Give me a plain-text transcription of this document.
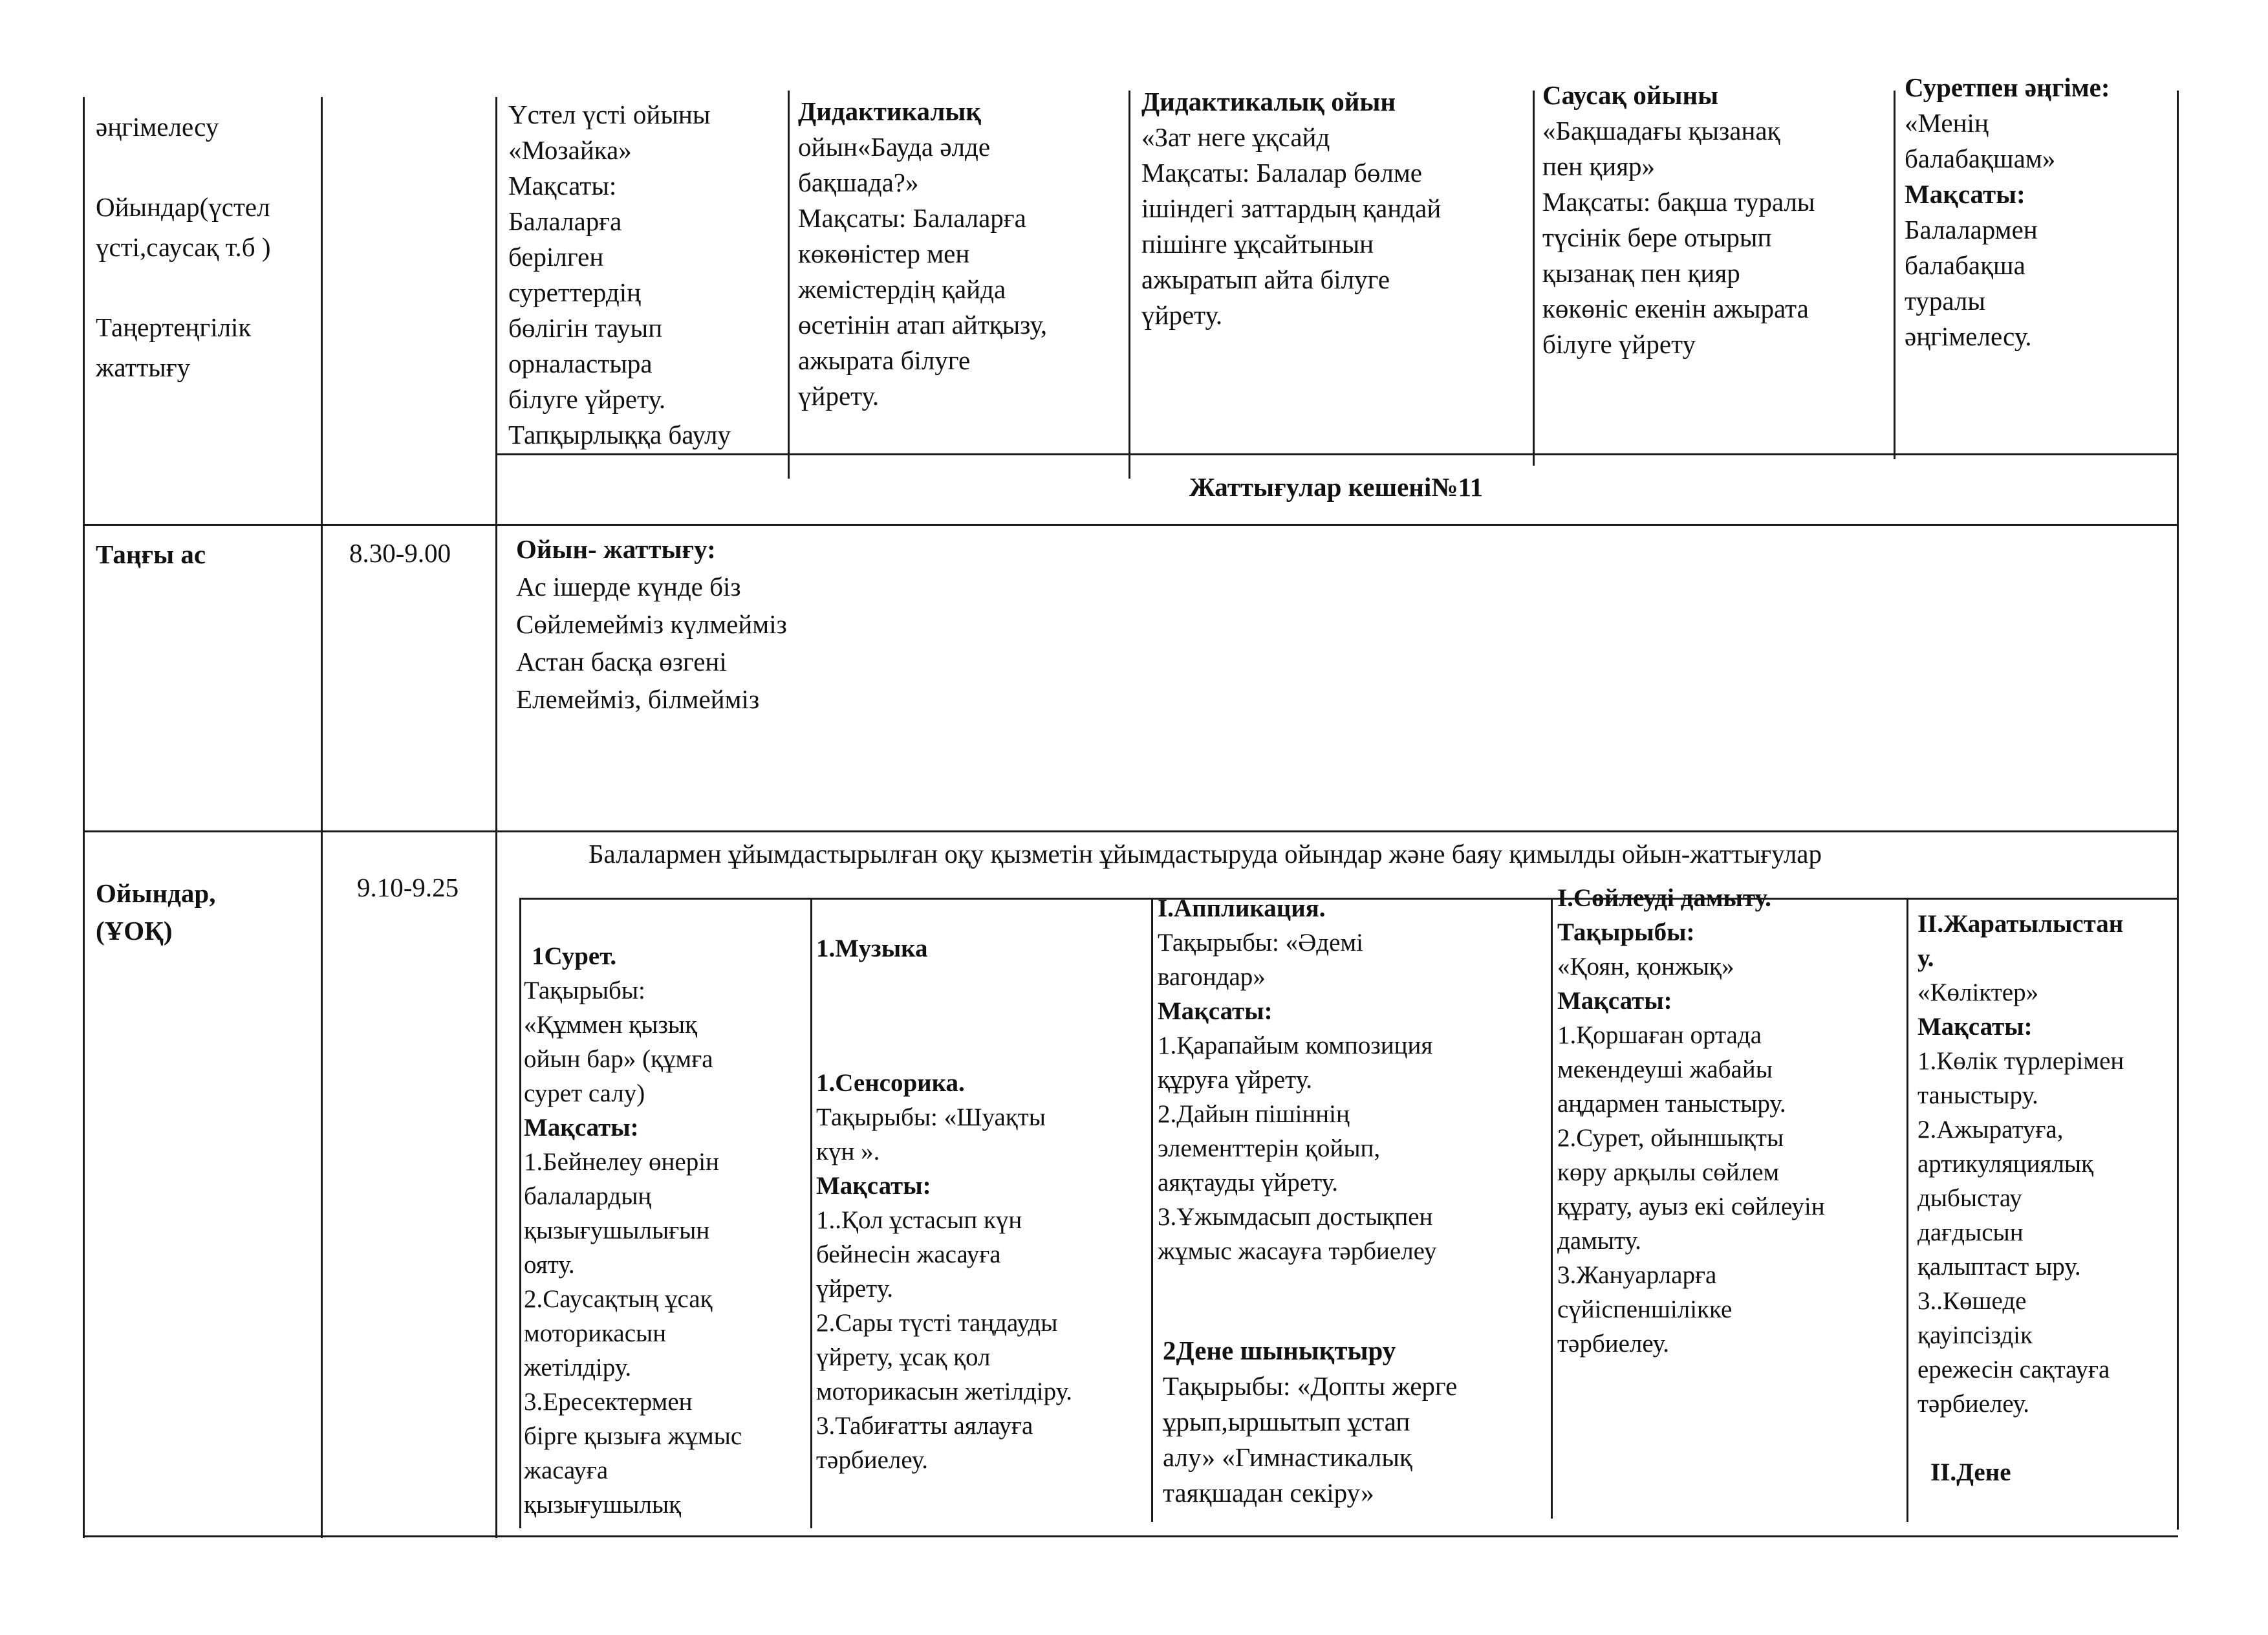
әңгімелесу

Ойындар(үстел
үсті,саусақ т.б )

Таңертеңгілік
жаттығу
Үстел үсті ойыны
«Мозайка»
Мақсаты:
Балаларға
берілген
суреттердің
бөлігін тауып
орналастыра
білуге үйрету.
Тапқырлыққа баулу
Дидактикалық
ойын«Бауда әлде
бақшада?»
Мақсаты: Балаларға
көкөністер мен
жемістердің қайда
өсетінін атап айтқызу,
ажырата білуге
үйрету.
Дидактикалық ойын
«Зат неге ұқсайд
Мақсаты: Балалар бөлме
ішіндегі заттардың қандай
пішінге ұқсайтынын
ажыратып айта білуге
үйрету.
Саусақ ойыны
«Бақшадағы қызанақ
пен қияр»
Мақсаты: бақша туралы
түсінік бере отырып
қызанақ пен қияр
көкөніс екенін ажырата
білуге үйрету
Суретпен әңгіме:
«Менің
балабақшам»
Мақсаты:
Балалармен
балабақша
туралы
әңгімелесу.
Жаттығулар кешені№11
Таңғы ас	8.30-9.00	Ойын- жаттығу:
Ас ішерде күнде біз
Сөйлемейміз күлмейміз
Астан басқа өзгені
Елемейміз, білмейміз
Ойындар,
(ҰОҚ)
9.10-9.25
Балалармен ұйымдастырылған оқу қызметін ұйымдастыруда ойындар және баяу қимылды ойын-жаттығулар
1Сурет.
Тақырыбы:
«Құммен қызық
ойын бар» (құмға
сурет салу)
Мақсаты:
1.Бейнелеу өнерін
балалардың
қызығушылығын
ояту.
2.Саусақтың ұсақ
моторикасын
жетілдіру.
3.Ересектермен
бірге қызыға жұмыс
жасауға
қызығушылық
1.Музыка
1.Сенсорика.
Тақырыбы: «Шуақты
күн ».
Мақсаты:
1..Қол ұстасып күн
бейнесін жасауға
үйрету.
2.Сары түсті таңдауды
үйрету, ұсақ қол
моторикасын жетілдіру.
3.Табиғатты аялауға
тәрбиелеу.
І.Аппликация.
Тақырыбы: «Әдемі
вагондар»
Мақсаты:
1.Қарапайым композиция
құруға үйрету.
2.Дайын пішіннің
элементтерін қойып,
аяқтауды үйрету.
3.Ұжымдасып достықпен
жұмыс жасауға тәрбиелеу
2Дене шынықтыру
Тақырыбы: «Допты жерге
ұрып,ыршытып ұстап
алу» «Гимнастикалық
таяқшадан секіру»
І.Сөйлеуді дамыту.
Тақырыбы:
«Қоян, қонжық»
Мақсаты:
1.Қоршаған ортада
мекендеуші жабайы
аңдармен таныстыру.
2.Сурет, ойыншықты
көру арқылы сөйлем
құрату, ауыз екі сөйлеуін
дамыту.
3.Жануарларға
сүйіспеншілікке
тәрбиелеу.
ІІ.Жаратылыстан
у.
«Көліктер»
Мақсаты:
1.Көлік түрлерімен
таныстыру.
2.Ажыратуға,
артикуляциялық
дыбыстау
дағдысын
қалыптаст ыру.
3..Көшеде
қауіпсіздік
ережесін сақтауға
тәрбиелеу.

ІІ.Дене
